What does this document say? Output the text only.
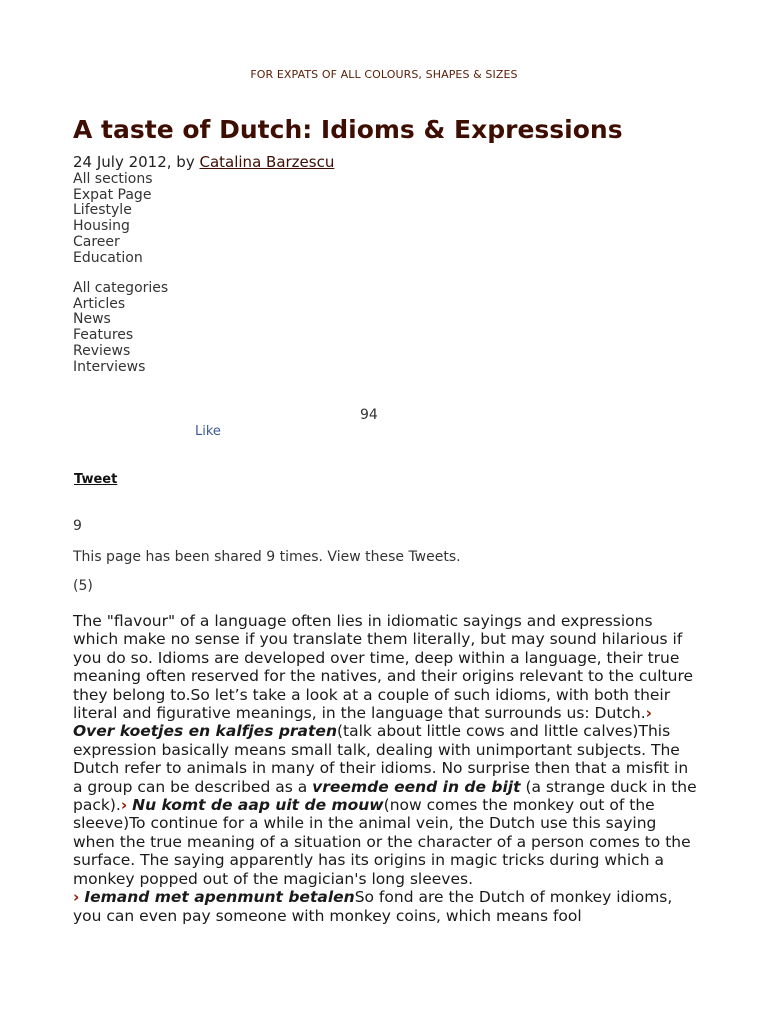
FOR EXPATS OF ALL COLOURS, SHAPES & SIZES
A taste of Dutch: Idioms & Expressions
24 July 2012, by Catalina Barzescu
All sections
Expat Page
Lifestyle
Housing
Career
Education
All categories
Articles
News
Features
Reviews
Interviews
94
Like
Tweet
9
This page has been shared 9 times. View these Tweets.
(5)
The "flavour" of a language often lies in idiomatic sayings and expressions which make no sense if you translate them literally, but may sound hilarious if you do so. Idioms are developed over time, deep within a language, their true meaning often reserved for the natives, and their origins relevant to the culture they belong to.So let’s take a look at a couple of such idioms, with both their literal and figurative meanings, in the language that surrounds us: Dutch.› Over koetjes en kalfjes praten(talk about little cows and little calves)This expression basically means small talk, dealing with unimportant subjects. The Dutch refer to animals in many of their idioms. No surprise then that a misfit in a group can be described as a vreemde eend in de bijt (a strange duck in the pack).› Nu komt de aap uit de mouw(now comes the monkey out of the sleeve)To continue for a while in the animal vein, the Dutch use this saying when the true meaning of a situation or the character of a person comes to the surface. The saying apparently has its origins in magic tricks during which a monkey popped out of the magician's long sleeves.
› Iemand met apenmunt betalenSo fond are the Dutch of monkey idioms, you can even pay someone with monkey coins, which means fool
